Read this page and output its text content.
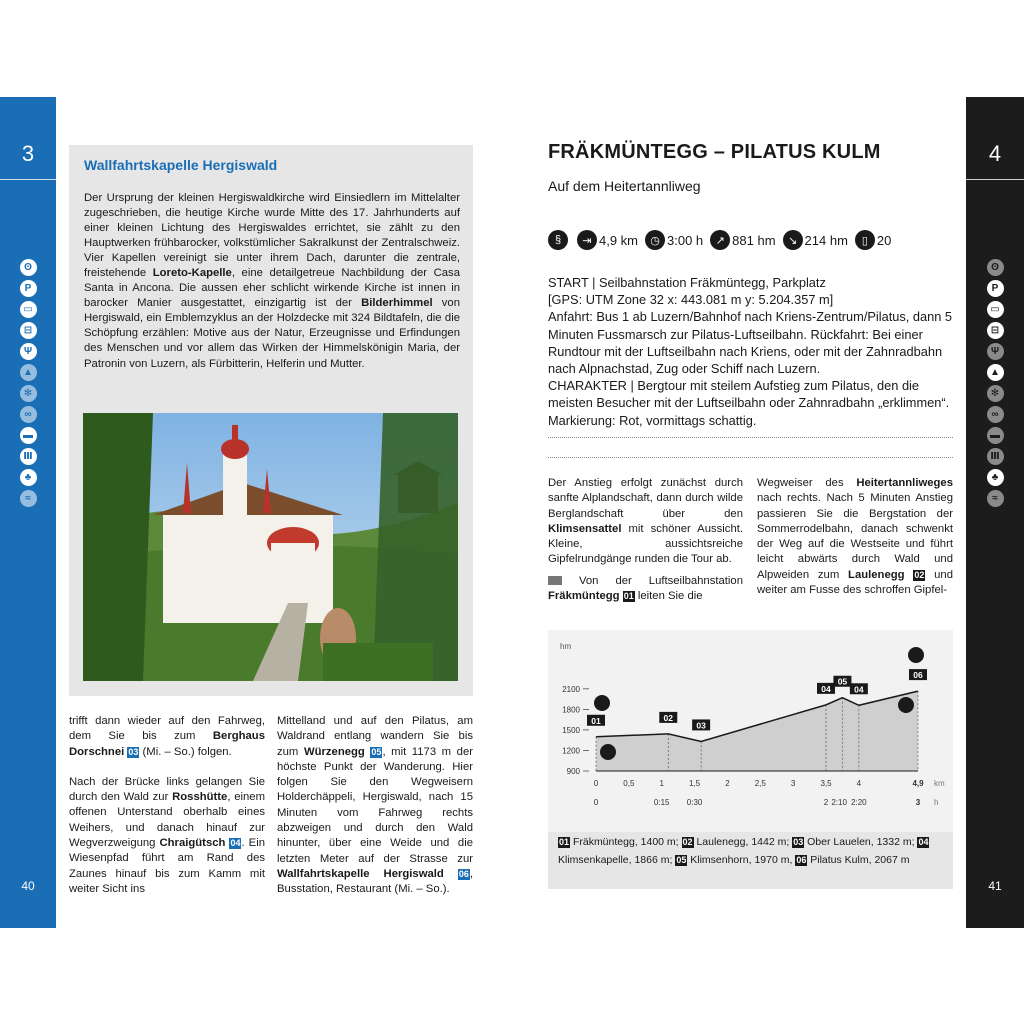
3
ʘ
P
▭
⊟
Ψ
▲
✻
∞
▬
Ⅲ
♣
≈
40
Wallfahrtskapelle Hergiswald
Der Ursprung der kleinen Hergiswaldkirche wird Einsiedlern im Mittelalter zugeschrieben, die heutige Kirche wurde Mitte des 17. Jahrhunderts auf einer kleinen Lichtung des Hergiswaldes errichtet, sie zählt zu den Hauptwerken frühbarocker, volkstümlicher Sakralkunst der Zentralschweiz. Vier Kapellen vereinigt sie unter ihrem Dach, darunter die zentrale, freistehende Loreto-Kapelle, eine detailgetreue Nachbildung der Casa Santa in Ancona. Die aussen eher schlicht wirkende Kirche ist innen in barocker Manier ausgestattet, einzigartig ist der Bilderhimmel von Hergiswald, ein Emblemzyklus an der Holzdecke mit 324 Bildtafeln, die die Schöpfung erzählen: Motive aus der Natur, Erzeugnisse und Erfindungen des Menschen und vor allem das Wirken der Himmelskönigin Maria, der Patronin von Luzern, als Fürbitterin, Helferin und Mutter.

trifft dann wieder auf den Fahrweg, dem Sie bis zum Berghaus Dorschnei 03 (Mi. – So.) folgen.

Nach der Brücke links gelangen Sie durch den Wald zur Rosshütte, einem offenen Unterstand oberhalb eines Weihers, und danach hinauf zur Wegverzweigung Chraigütsch 04. Ein Wiesenpfad führt am Rand des Zaunes hinauf bis zum Kamm mit weiter Sicht ins

Mittelland und auf den Pilatus, am Waldrand entlang wandern Sie bis zum Würzenegg 05, mit 1173 m der höchste Punkt der Wanderung. Hier folgen Sie den Wegweisern Holderchäppeli, Hergiswald, nach 15 Minuten vom Fahrweg rechts abzweigen und durch den Wald hinunter, über eine Weide und die letzten Meter auf der Strasse zur Wallfahrtskapelle Hergiswald 06, Busstation, Restaurant (Mi. – So.).

FRÄKMÜNTEGG – PILATUS KULM
Auf dem Heitertannliweg
§	⇥ 4,9 km	◷ 3:00 h	↗ 881 hm	↘ 214 hm	▯ 20
START | Seilbahnstation Fräkmüntegg, Parkplatz
[GPS: UTM Zone 32 x: 443.081 m y: 5.204.357 m]
Anfahrt: Bus 1 ab Luzern/Bahnhof nach Kriens-Zentrum/Pilatus, dann 5 Minuten Fussmarsch zur Pilatus-Luftseilbahn. Rückfahrt: Bei einer Rundtour mit der Luftseilbahn nach Kriens, oder mit der Zahnradbahn nach Alpnachstad, Zug oder Schiff nach Luzern.
CHARAKTER | Bergtour mit steilem Aufstieg zum Pilatus, den die meisten Besucher mit der Luftseilbahn oder Zahnradbahn „erklimmen“. Markierung: Rot, vormittags schattig.

Der Anstieg erfolgt zunächst durch sanfte Alplandschaft, dann durch wilde Berglandschaft über den Klimsensattel mit schöner Aussicht. Kleine, aussichtsreiche Gipfelrundgänge runden die Tour ab.

Von der Luftseilbahnstation Fräkmüntegg 01 leiten Sie die

Wegweiser des Heitertannliweges nach rechts. Nach 5 Minuten Anstieg passieren Sie die Bergstation der Sommerrodelbahn, danach schwenkt der Weg auf die Westseite und führt leicht abwärts durch Wald und Alpweiden zum Laulenegg 02 und weiter am Fusse des schroffen Gipfel-

hm
2100
1800
1500
1200
900
0	0,5	1	1,5	2	2,5	3	3,5	4	4,9 km
0	0:15 0:30	2 2:10 2:20	3 h
01	02
03
04
05
04
06
01 Fräkmüntegg, 1400 m; 02 Laulenegg, 1442 m; 03 Ober Lauelen, 1332 m; 04 Klimsenkapelle, 1866 m; 05 Klimsenhorn, 1970 m, 06 Pilatus Kulm, 2067 m
4
ʘ
P
▭
⊟
Ψ
▲
✻
∞
▬
Ⅲ
♣
≈
41
